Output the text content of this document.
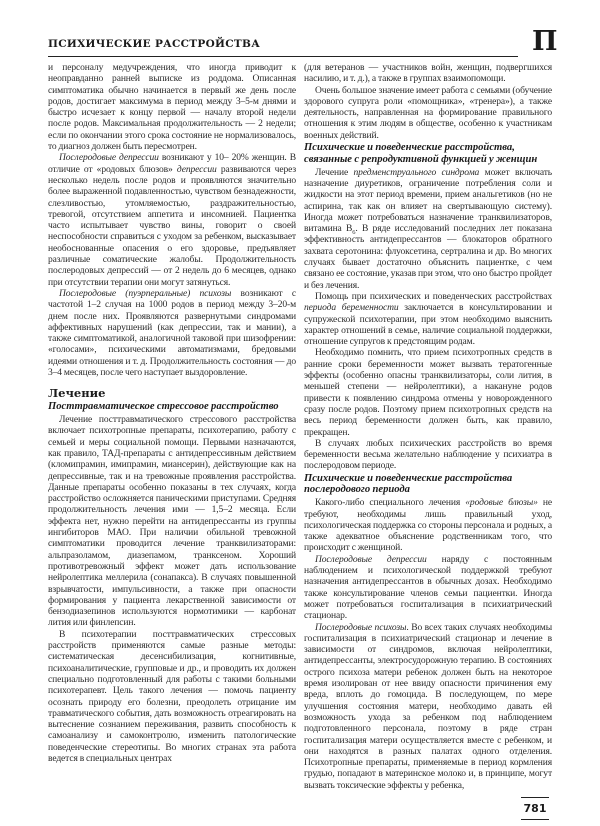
ПСИХИЧЕСКИЕ РАССТРОЙСТВА	П

и персоналу медучреждения, что иногда приводит к неоправданно ранней выписке из роддома. Описанная симптоматика обычно начинается в первый же день после родов, достигает максимума в период между 3–5-м днями и быстро исчезает к концу первой — началу второй недели после родов. Максимальная продолжительность — 2 недели; если по окончании этого срока состояние не нормализовалось, то диагноз должен быть пересмотрен.

Послеродовые депрессии возникают у 10– 20% женщин. В отличие от «родовых блюзов» депрессии развиваются через несколько недель после родов и проявляются значительно более выраженной подавленностью, чувством безнадежности, слезливостью, утомляемостью, раздражительностью, тревогой, отсутствием аппетита и инсомнией. Пациентка часто испытывает чувство вины, говорит о своей неспособности справиться с уходом за ребенком, высказывает необоснованные опасения о его здоровье, предъявляет различные соматические жалобы. Продолжительность послеродовых депрессий — от 2 недель до 6 месяцев, однако при отсутствии терапии они могут затянуться.

Послеродовые (пуэрперальные) психозы возникают с частотой 1–2 случая на 1000 родов в период между 3–20-м днем после них. Проявляются развернутыми синдромами аффективных нарушений (как депрессии, так и мании), а также симптоматикой, аналогичной таковой при шизофрении: «голосами», психическими автоматизмами, бредовыми идеями отношения и т. д. Продолжительность состояния — до 3–4 месяцев, после чего наступает выздоровление.

Лечение
Посттравматическое стрессовое расстройство

Лечение посттравматического стрессового расстройства включает психотропные препараты, психотерапию, работу с семьей и меры социальной помощи. Первыми назначаются, как правило, ТАД-препараты с антидепрессивным действием (кломипрамин, имипрамин, миансерин), действующие как на депрессивные, так и на тревожные проявления расстройства. Данные препараты особенно показаны в тех случаях, когда расстройство осложняется паническими приступами. Средняя продолжительность лечения ими — 1,5–2 месяца. Если эффекта нет, нужно перейти на антидепрессанты из группы ингибиторов МАО. При наличии обильной тревожной симптоматики проводится лечение транквилизаторами: альпразоламом, диазепамом, транксеном. Хороший противотревожный эффект может дать использование нейролептика меллерила (сонапакса). В случаях повышенной взрывчатости, импульсивности, а также при опасности формирования у пациента лекарственной зависимости от бензодиазепинов используются нормотимики — карбонат лития или финлепсин.

В психотерапии посттравматических стрессовых расстройств применяются самые разные методы: систематическая десенсибилизация, когнитивные, психоаналитические, групповые и др., и проводить их должен специально подготовленный для работы с такими больными психотерапевт. Цель такого лечения — помочь пациенту осознать природу его болезни, преодолеть отрицание им травматического события, дать возможность отреагировать на вытеснение сознанием переживания, развить способность к самоанализу и самоконтролю, изменить патологические поведенческие стереотипы. Во многих странах эта работа ведется в специальных центрах

(для ветеранов — участников войн, женщин, подвергшихся насилию, и т. д.), а также в группах взаимопомощи.

Очень большое значение имеет работа с семьями (обучение здорового супруга роли «помощника», «тренера»), а также деятельность, направленная на формирование правильного отношения к этим людям в обществе, особенно к участникам военных действий.

Психические и поведенческие расстройства, связанные с репродуктивной функцией у женщин

Лечение предменструального синдрома может включать назначение диуретиков, ограничение потребления соли и жидкости на этот период времени, прием анальгетиков (но не аспирина, так как он влияет на свертывающую систему). Иногда может потребоваться назначение транквилизаторов, витамина $B_6$. В ряде исследований последних лет показана эффективность антидепрессантов — блокаторов обратного захвата серотонина: флуоксетина, сертралина и др. Во многих случаях бывает достаточно объяснить пациентке, с чем связано ее состояние, указав при этом, что оно быстро пройдет и без лечения.

Помощь при психических и поведенческих расстройствах периода беременности заключается в консультировании и супружеской психотерапии, при этом необходимо выяснить характер отношений в семье, наличие социальной поддержки, отношение супругов к предстоящим родам.

Необходимо помнить, что прием психотропных средств в ранние сроки беременности может вызвать тератогенные эффекты (особенно опасны транквилизаторы, соли лития, в меньшей степени — нейролептики), а накануне родов привести к появлению синдрома отмены у новорожденного сразу после родов. Поэтому прием психотропных средств на весь период беременности должен быть, как правило, прекращен.

В случаях любых психических расстройств во время беременности весьма желательно наблюдение у психиатра в послеродовом периоде.

Психические и поведенческие расстройства послеродового периода

Какого-либо специального лечения «родовые блюзы» не требуют, необходимы лишь правильный уход, психологическая поддержка со стороны персонала и родных, а также адекватное объяснение родственникам того, что происходит с женщиной.

Послеродовые депрессии наряду с постоянным наблюдением и психологической поддержкой требуют назначения антидепрессантов в обычных дозах. Необходимо также консультирование членов семьи пациентки. Иногда может потребоваться госпитализация в психиатрический стационар.

Послеродовые психозы. Во всех таких случаях необходимы госпитализация в психиатрический стационар и лечение в зависимости от синдромов, включая нейролептики, антидепрессанты, электросудорожную терапию. В состояниях острого психоза матери ребенок должен быть на некоторое время изолирован от нее ввиду опасности причинения ему вреда, вплоть до гомоцида. В последующем, по мере улучшения состояния матери, необходимо давать ей возможность ухода за ребенком под наблюдением подготовленного персонала, поэтому в ряде стран госпитализация матери осуществляется вместе с ребенком, и они находятся в разных палатах одного отделения. Психотропные препараты, применяемые в период кормления грудью, попадают в материнское молоко и, в принципе, могут вызвать токсические эффекты у ребенка,

781
